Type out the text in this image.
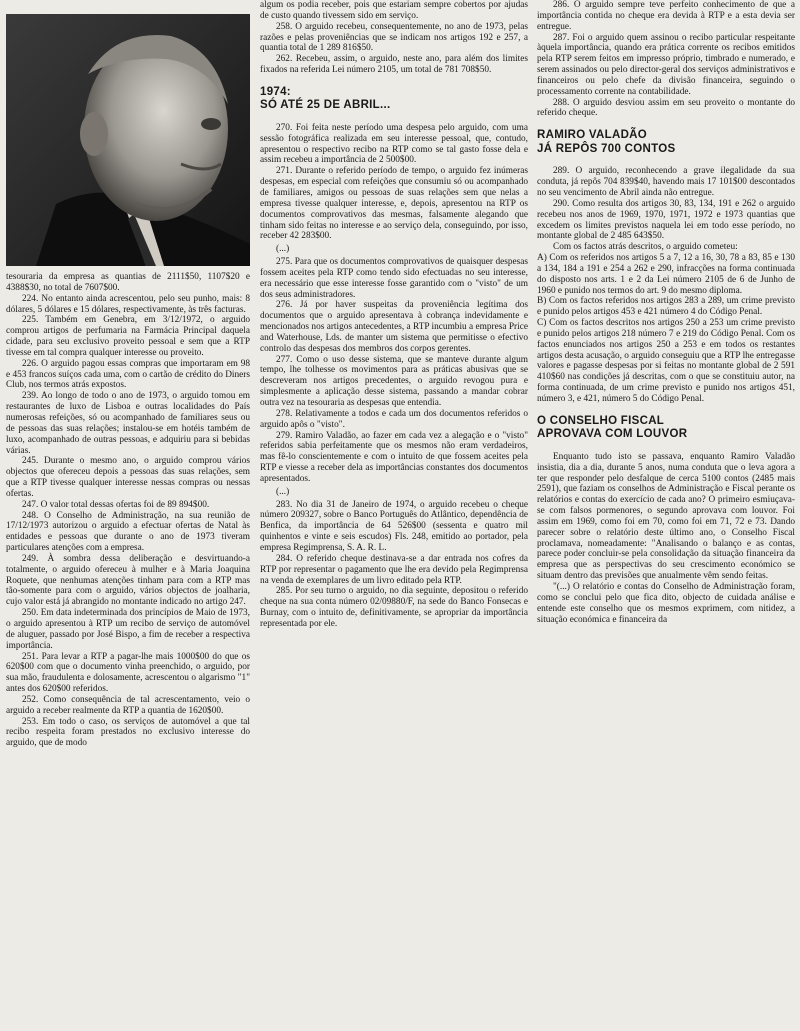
tesouraria da empresa as quantias de 2111$50, 1107$20 e 4388$30, no total de 7607$00.

224. No entanto ainda acrescentou, pelo seu punho, mais: 8 dólares, 5 dólares e 15 dólares, respectivamente, às três facturas.

225. Também em Genebra, em 3/12/1972, o arguido comprou artigos de perfumaria na Farmácia Principal daquela cidade, para seu exclusivo proveito pessoal e sem que a RTP tivesse em tal compra qualquer interesse ou proveito.

226. O arguido pagou essas compras que importaram em 98 e 453 francos suíços cada uma, com o cartão de crédito do Diners Club, nos termos atrás expostos.

239. Ao longo de todo o ano de 1973, o arguido tomou em restaurantes de luxo de Lisboa e outras localidades do País numerosas refeições, só ou acompanhado de familiares seus ou de pessoas das suas relações; instalou-se em hotéis também de luxo, acompanhado de outras pessoas, e adquiriu para si bebidas várias.

245. Durante o mesmo ano, o arguido comprou vários objectos que ofereceu depois a pessoas das suas relações, sem que a RTP tivesse qualquer interesse nessas compras ou nessas ofertas.

247. O valor total dessas ofertas foi de 89 894$00.

248. O Conselho de Administração, na sua reunião de 17/12/1973 autorizou o arguido a efectuar ofertas de Natal às entidades e pessoas que durante o ano de 1973 tiveram particulares atenções com a empresa.

249. À sombra dessa deliberação e desvirtuando-a totalmente, o arguido ofereceu à mulher e à Maria Joaquina Roquete, que nenhumas atenções tinham para com a RTP mas tão-somente para com o arguido, vários objectos de joalharia, cujo valor está já abrangido no montante indicado no artigo 247.

250. Em data indeterminada dos princípios de Maio de 1973, o arguido apresentou à RTP um recibo de serviço de automóvel de aluguer, passado por José Bispo, a fim de receber a respectiva importância.

251. Para levar a RTP a pagar-lhe mais 1000$00 do que os 620$00 com que o documento vinha preenchido, o arguido, por sua mão, fraudulenta e dolosamente, acrescentou o algarismo "1" antes dos 620$00 referidos.

252. Como consequência de tal acrescentamento, veio o arguido a receber realmente da RTP a quantia de 1620$00.

253. Em todo o caso, os serviços de automóvel a que tal recibo respeita foram prestados no exclusivo interesse do arguido, que de modo

algum os podia receber, pois que estariam sempre cobertos por ajudas de custo quando tivessem sido em serviço.

258. O arguido recebeu, consequentemente, no ano de 1973, pelas razões e pelas proveniências que se indicam nos artigos 192 e 257, a quantia total de 1 289 816$50.

262. Recebeu, assim, o arguido, neste ano, para além dos limites fixados na referida Lei número 2105, um total de 781 708$50.

1974:
SÓ ATÉ 25 DE ABRIL...

270. Foi feita neste período uma despesa pelo arguido, com uma sessão fotográfica realizada em seu interesse pessoal, que, contudo, apresentou o respectivo recibo na RTP como se tal gasto fosse dela e assim recebeu a importância de 2 500$00.

271. Durante o referido período de tempo, o arguido fez inúmeras despesas, em especial com refeições que consumiu só ou acompanhado de familiares, amigos ou pessoas de suas relações sem que nelas a empresa tivesse qualquer interesse, e, depois, apresentou na RTP os documentos comprovativos das mesmas, falsamente alegando que tinham sido feitas no interesse e ao serviço dela, conseguindo, por isso, receber 42 283$00.

(...)

275. Para que os documentos comprovativos de quaisquer despesas fossem aceites pela RTP como tendo sido efectuadas no seu interesse, era necessário que esse interesse fosse garantido com o "visto" de um dos seus administradores.

276. Já por haver suspeitas da proveniência legítima dos documentos que o arguido apresentava à cobrança indevidamente e mencionados nos artigos antecedentes, a RTP incumbiu a empresa Price and Waterhouse, Lds. de manter um sistema que permitisse o efectivo controlo das despesas dos membros dos corpos gerentes.

277. Como o uso desse sistema, que se manteve durante algum tempo, lhe tolhesse os movimentos para as práticas abusivas que se descreveram nos artigos precedentes, o arguido revogou pura e simplesmente a aplicação desse sistema, passando a mandar cobrar outra vez na tesouraria as despesas que entendia.

278. Relativamente a todos e cada um dos documentos referidos o arguido apôs o "visto".

279. Ramiro Valadão, ao fazer em cada vez a alegação e o "visto" referidos sabia perfeitamente que os mesmos não eram verdadeiros, mas fê-lo conscientemente e com o intuito de que fossem aceites pela RTP e viesse a receber dela as importâncias constantes dos documentos apresentados.

(...)

283. No dia 31 de Janeiro de 1974, o arguido recebeu o cheque número 209327, sobre o Banco Português do Atlântico, dependência de Benfica, da importância de 64 526$00 (sessenta e quatro mil quinhentos e vinte e seis escudos) Fls. 248, emitido ao portador, pela empresa Regimprensa, S. A. R. L.

284. O referido cheque destinava-se a dar entrada nos cofres da RTP por representar o pagamento que lhe era devido pela Regimprensa na venda de exemplares de um livro editado pela RTP.

285. Por seu turno o arguido, no dia seguinte, depositou o referido cheque na sua conta número 02/09880/F, na sede do Banco Fonsecas e Burnay, com o intuito de, definitivamente, se apropriar da importância representada por ele.

286. O arguido sempre teve perfeito conhecimento de que a importância contida no cheque era devida à RTP e a esta devia ser entregue.

287. Foi o arguido quem assinou o recibo particular respeitante àquela importância, quando era prática corrente os recibos emitidos pela RTP serem feitos em impresso próprio, timbrado e numerado, e serem assinados ou pelo director-geral dos serviços administrativos e financeiros ou pelo chefe da divisão financeira, seguindo o processamento corrente na contabilidade.

288. O arguido desviou assim em seu proveito o montante do referido cheque.

RAMIRO VALADÃO
JÁ REPÔS 700 CONTOS

289. O arguido, reconhecendo a grave ilegalidade da sua conduta, já repôs 704 839$40, havendo mais 17 101$00 descontados no seu vencimento de Abril ainda não entregue.

290. Como resulta dos artigos 30, 83, 134, 191 e 262 o arguido recebeu nos anos de 1969, 1970, 1971, 1972 e 1973 quantias que excedem os limites previstos naquela lei em todo esse período, no montante global de 2 485 643$50.

Com os factos atrás descritos, o arguido cometeu:

A) Com os referidos nos artigos 5 a 7, 12 a 16, 30, 78 a 83, 85 e 130 a 134, 184 a 191 e 254 a 262 e 290, infracções na forma continuada do disposto nos arts. 1 e 2 da Lei número 2105 de 6 de Junho de 1960 e punido nos termos do art. 9 do mesmo diploma.

B) Com os factos referidos nos artigos 283 a 289, um crime previsto e punido pelos artigos 453 e 421 número 4 do Código Penal.

C) Com os factos descritos nos artigos 250 a 253 um crime previsto e punido pelos artigos 218 número 7 e 219 do Código Penal. Com os factos enunciados nos artigos 250 a 253 e em todos os restantes artigos desta acusação, o arguido conseguiu que a RTP lhe entregasse valores e pagasse despesas por si feitas no montante global de 2 591 410$60 nas condições já descritas, com o que se constituiu autor, na forma continuada, de um crime previsto e punido nos artigos 451, número 3, e 421, número 5 do Código Penal.

O CONSELHO FISCAL
APROVAVA COM LOUVOR

Enquanto tudo isto se passava, enquanto Ramiro Valadão insistia, dia a dia, durante 5 anos, numa conduta que o leva agora a ter que responder pelo desfalque de cerca 5100 contos (2485 mais 2591), que faziam os conselhos de Administração e Fiscal perante os relatórios e contas do exercício de cada ano? O primeiro esmiuçava-se com falsos pormenores, o segundo aprovava com louvor. Foi assim em 1969, como foi em 70, como foi em 71, 72 e 73. Dando parecer sobre o relatório deste último ano, o Conselho Fiscal proclamava, nomeadamente: "Analisando o balanço e as contas, parece poder concluir-se pela consolidação da situação financeira da empresa que as perspectivas do seu crescimento económico se situam dentro das previsões que anualmente vêm sendo feitas.

"(...) O relatório e contas do Conselho de Administração foram, como se conclui pelo que fica dito, objecto de cuidada análise e entende este conselho que os mesmos exprimem, com nitidez, a situação económica e financeira da
